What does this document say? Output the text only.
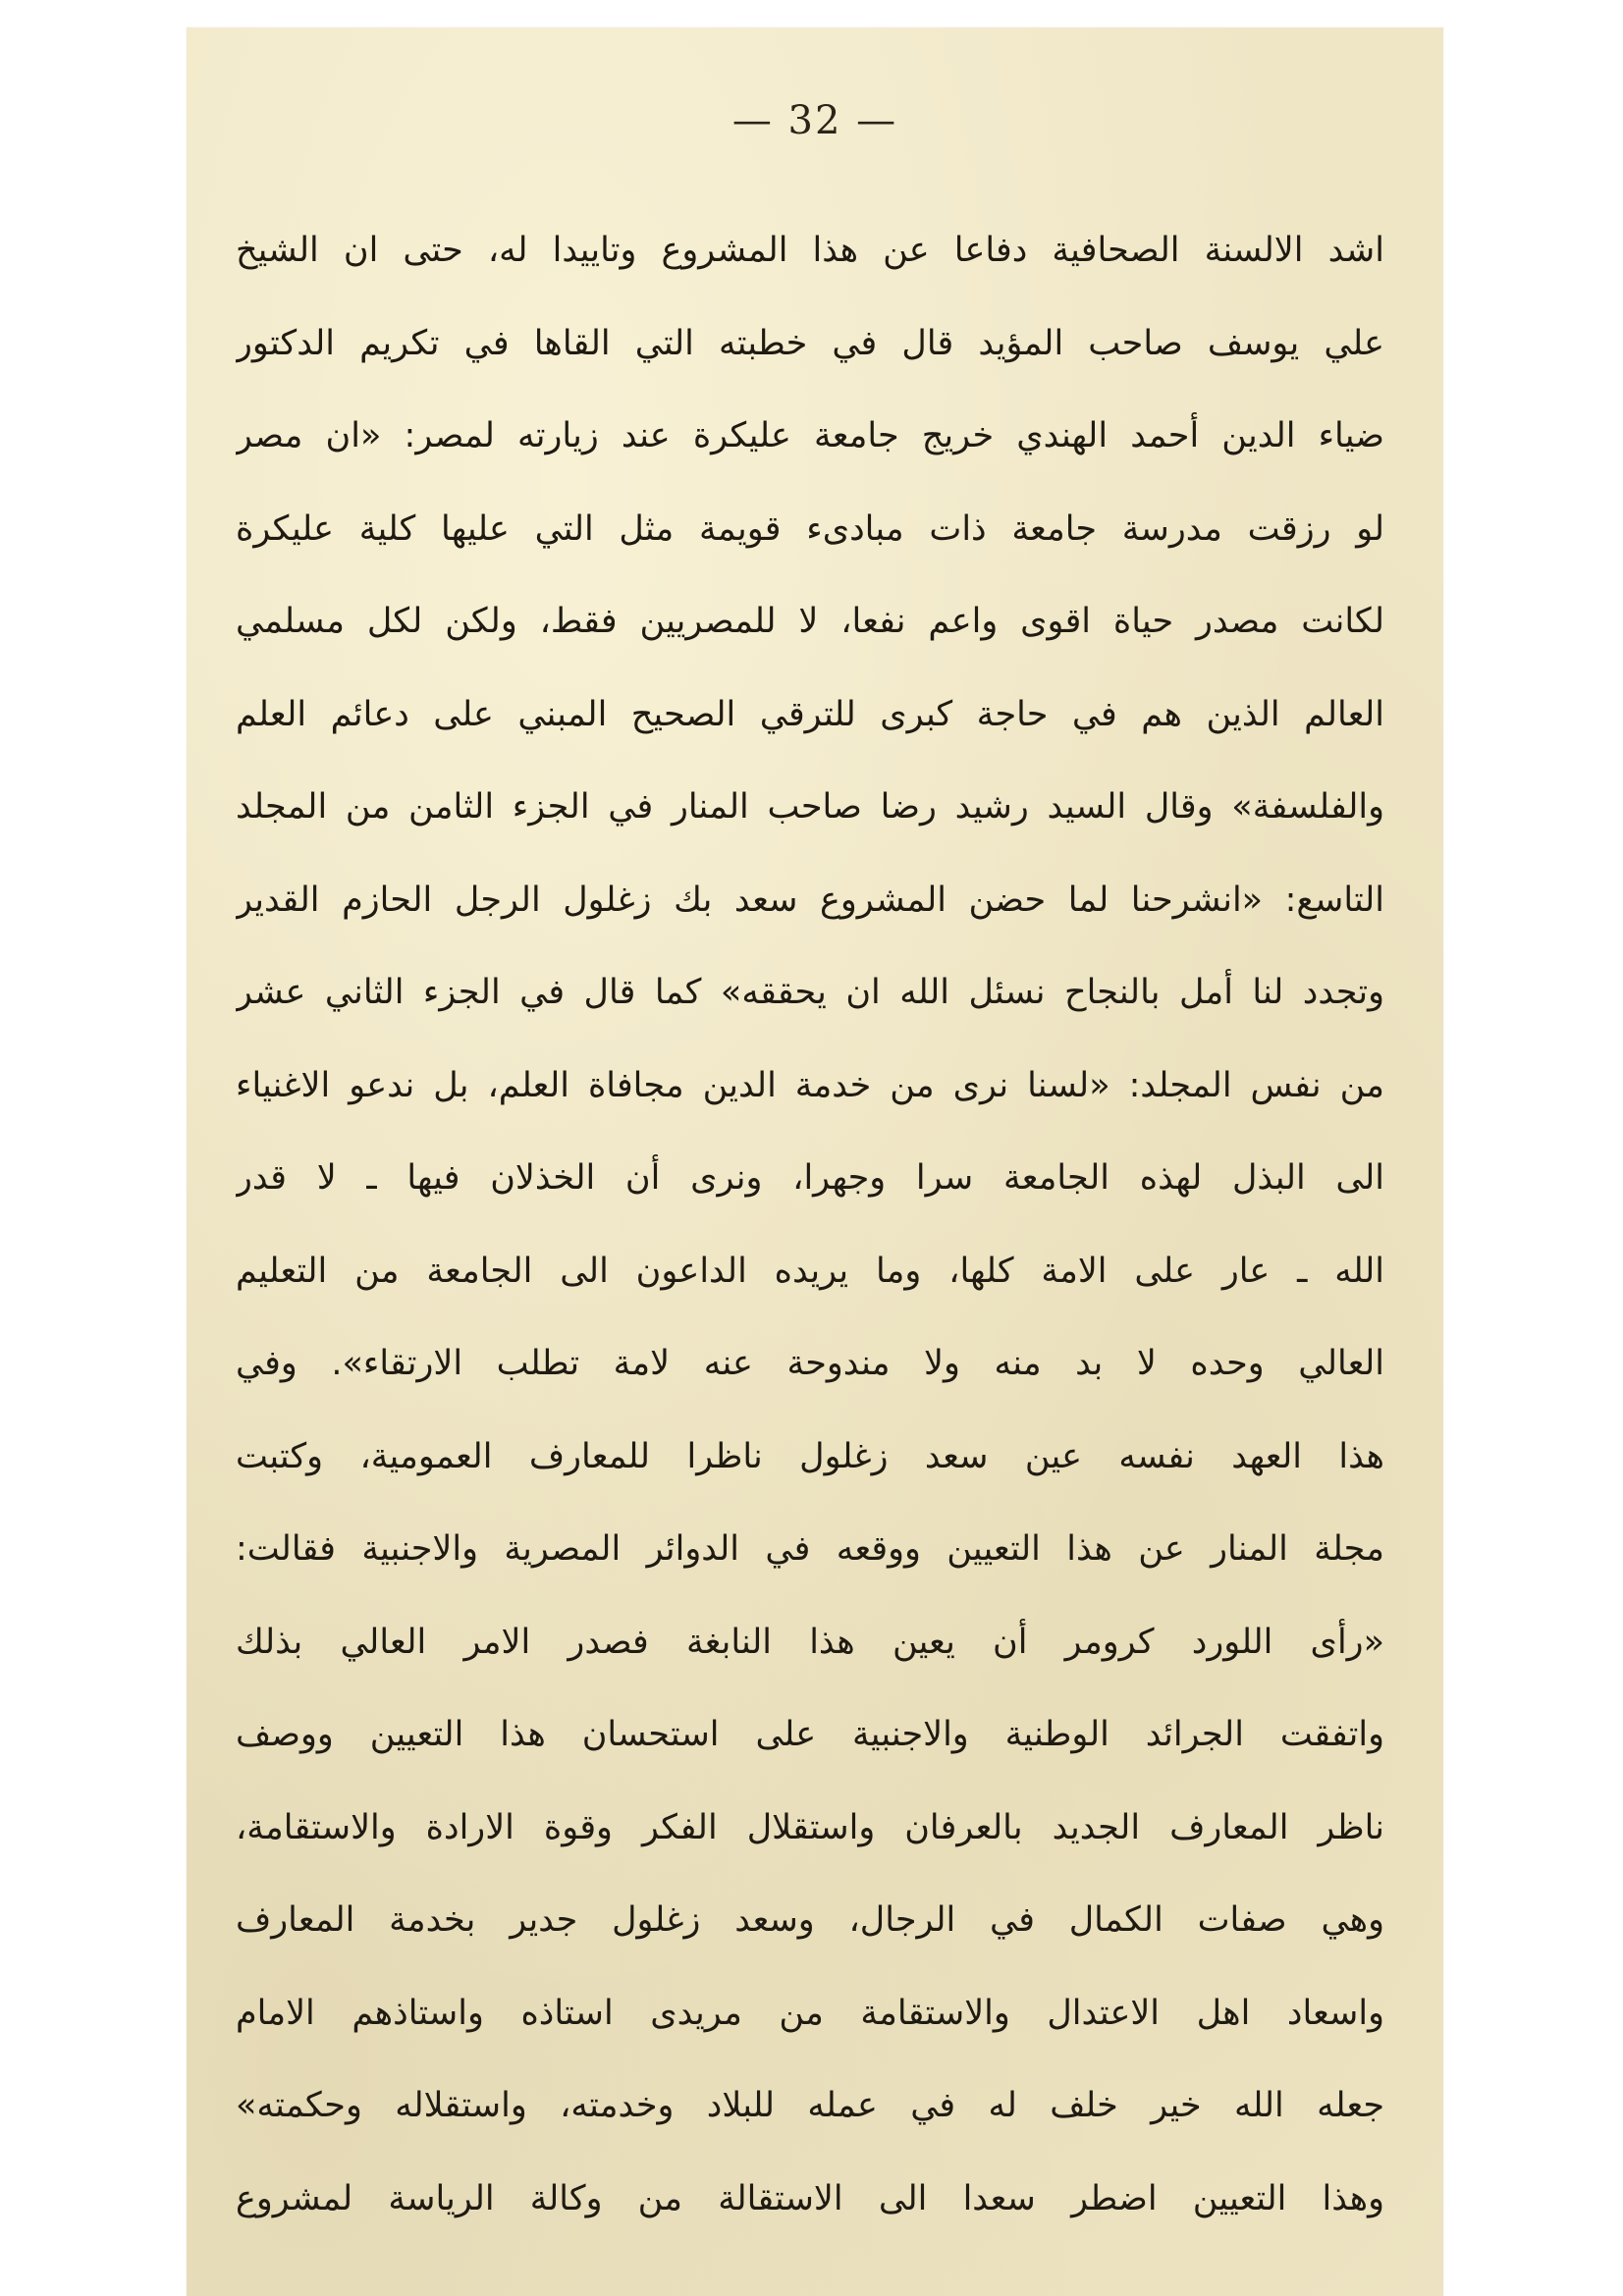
— 32 —
اشد الالسنة الصحافية دفاعا عن هذا المشروع وتاييدا له، حتى ان الشيخ
علي يوسف صاحب المؤيد قال في خطبته التي القاها في تكريم الدكتور
ضياء الدين أحمد الهندي خريج جامعة عليكرة عند زيارته لمصر: «ان مصر
لو رزقت مدرسة جامعة ذات مبادىء قويمة مثل التي عليها كلية عليكرة
لكانت مصدر حياة اقوى واعم نفعا، لا للمصريين فقط، ولكن لكل مسلمي
العالم الذين هم في حاجة كبرى للترقي الصحيح المبني على دعائم العلم
والفلسفة» وقال السيد رشيد رضا صاحب المنار في الجزء الثامن من المجلد
التاسع: «انشرحنا لما حضن المشروع سعد بك زغلول الرجل الحازم القدير
وتجدد لنا أمل بالنجاح نسئل الله ان يحققه» كما قال في الجزء الثاني عشر
من نفس المجلد: «لسنا نرى من خدمة الدين مجافاة العلم، بل ندعو الاغنياء
الى البذل لهذه الجامعة سرا وجهرا، ونرى أن الخذلان فيها ـ لا قدر
الله ـ عار على الامة كلها، وما يريده الداعون الى الجامعة من التعليم
العالي وحده لا بد منه ولا مندوحة عنه لامة تطلب الارتقاء». وفي
هذا العهد نفسه عين سعد زغلول ناظرا للمعارف العمومية، وكتبت
مجلة المنار عن هذا التعيين ووقعه في الدوائر المصرية والاجنبية فقالت:
«رأى اللورد كرومر أن يعين هذا النابغة فصدر الامر العالي بذلك
واتفقت الجرائد الوطنية والاجنبية على استحسان هذا التعيين ووصف
ناظر المعارف الجديد بالعرفان واستقلال الفكر وقوة الارادة والاستقامة،
وهي صفات الكمال في الرجال، وسعد زغلول جدير بخدمة المعارف
واسعاد اهل الاعتدال والاستقامة من مريدى استاذه واستاذهم الامام
جعله الله خير خلف له في عمله للبلاد وخدمته، واستقلاله وحكمته»
وهذا التعيين اضطر سعدا الى الاستقالة من وكالة الرياسة لمشروع
